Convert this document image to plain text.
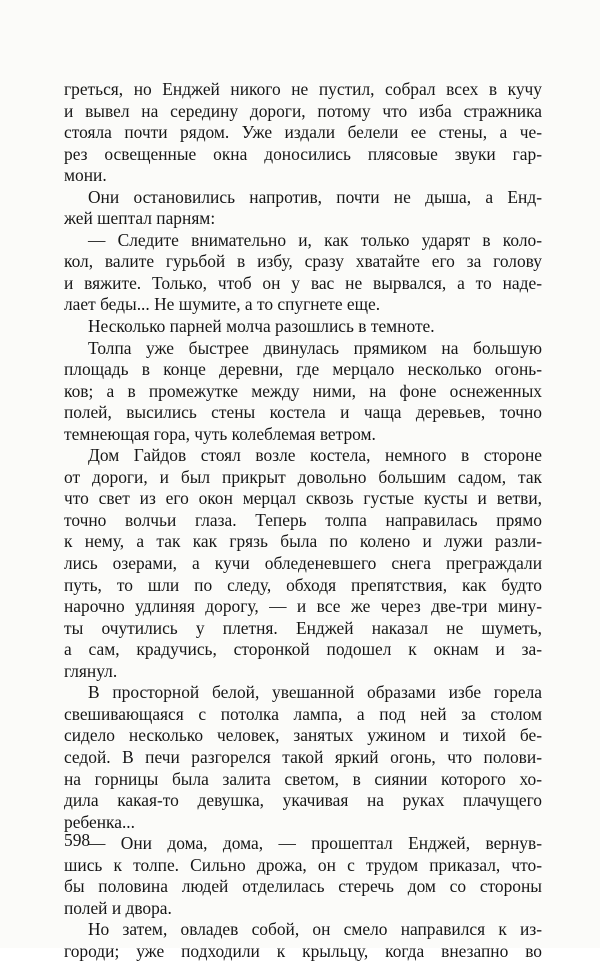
греться, но Енджей никого не пустил, собрал всех в кучу
и вывел на середину дороги, потому что изба стражника
стояла почти рядом. Уже издали белели ее стены, а че-
рез освещенные окна доносились плясовые звуки гар-
мони.
Они остановились напротив, почти не дыша, а Енд-
жей шептал парням:
— Следите внимательно и, как только ударят в коло-
кол, валите гурьбой в избу, сразу хватайте его за голову
и вяжите. Только, чтоб он у вас не вырвался, а то наде-
лает беды... Не шумите, а то спугнете еще.
Несколько парней молча разошлись в темноте.
Толпа уже быстрее двинулась прямиком на большую
площадь в конце деревни, где мерцало несколько огонь-
ков; а в промежутке между ними, на фоне оснеженных
полей, высились стены костела и чаща деревьев, точно
темнеющая гора, чуть колеблемая ветром.
Дом Гайдов стоял возле костела, немного в стороне
от дороги, и был прикрыт довольно большим садом, так
что свет из его окон мерцал сквозь густые кусты и ветви,
точно волчьи глаза. Теперь толпа направилась прямо
к нему, а так как грязь была по колено и лужи разли-
лись озерами, а кучи обледеневшего снега преграждали
путь, то шли по следу, обходя препятствия, как будто
нарочно удлиняя дорогу, — и все же через две-три мину-
ты очутились у плетня. Енджей наказал не шуметь,
а сам, крадучись, сторонкой подошел к окнам и за-
глянул.
В просторной белой, увешанной образами избе горела
свешивающаяся с потолка лампа, а под ней за столом
сидело несколько человек, занятых ужином и тихой бе-
седой. В печи разгорелся такой яркий огонь, что полови-
на горницы была залита светом, в сиянии которого хо-
дила какая-то девушка, укачивая на руках плачущего
ребенка...
— Они дома, дома, — прошептал Енджей, вернув-
шись к толпе. Сильно дрожа, он с трудом приказал, что-
бы половина людей отделилась стеречь дом со стороны
полей и двора.
Но затем, овладев собой, он смело направился к из-
городи; уже подходили к крыльцу, когда внезапно во
598
